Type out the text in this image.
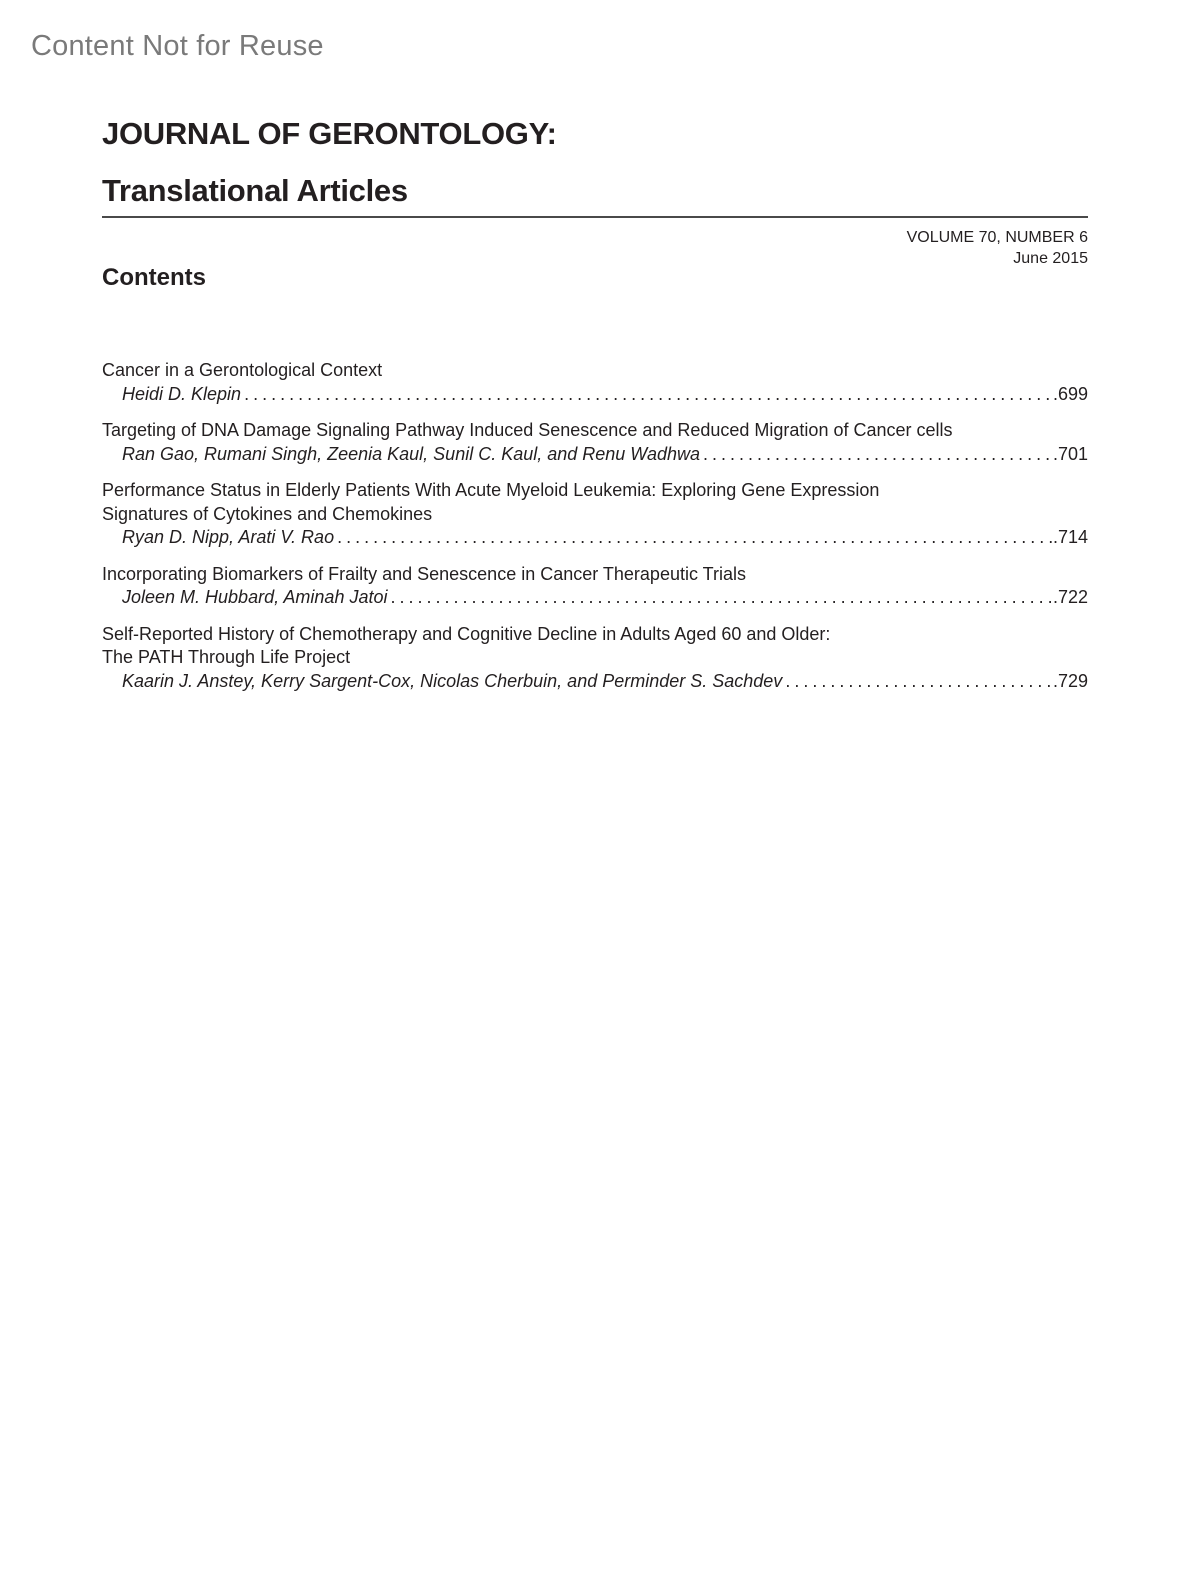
Content Not for Reuse
JOURNAL OF GERONTOLOGY:
Translational Articles
VOLUME 70, NUMBER 6
June 2015
Contents
Cancer in a Gerontological Context
Heidi D. Klepin . . .	.699
Targeting of DNA Damage Signaling Pathway Induced Senescence and Reduced Migration of Cancer cells
Ran Gao, Rumani Singh, Zeenia Kaul, Sunil C. Kaul, and Renu Wadhwa . . .	.701
Performance Status in Elderly Patients With Acute Myeloid Leukemia: Exploring Gene Expression Signatures of Cytokines and Chemokines
Ryan D. Nipp, Arati V. Rao . . .	.714
Incorporating Biomarkers of Frailty and Senescence in Cancer Therapeutic Trials
Joleen M. Hubbard, Aminah Jatoi . . .	.722
Self-Reported History of Chemotherapy and Cognitive Decline in Adults Aged 60 and Older: The PATH Through Life Project
Kaarin J. Anstey, Kerry Sargent-Cox, Nicolas Cherbuin, and Perminder S. Sachdev . . .	.729
